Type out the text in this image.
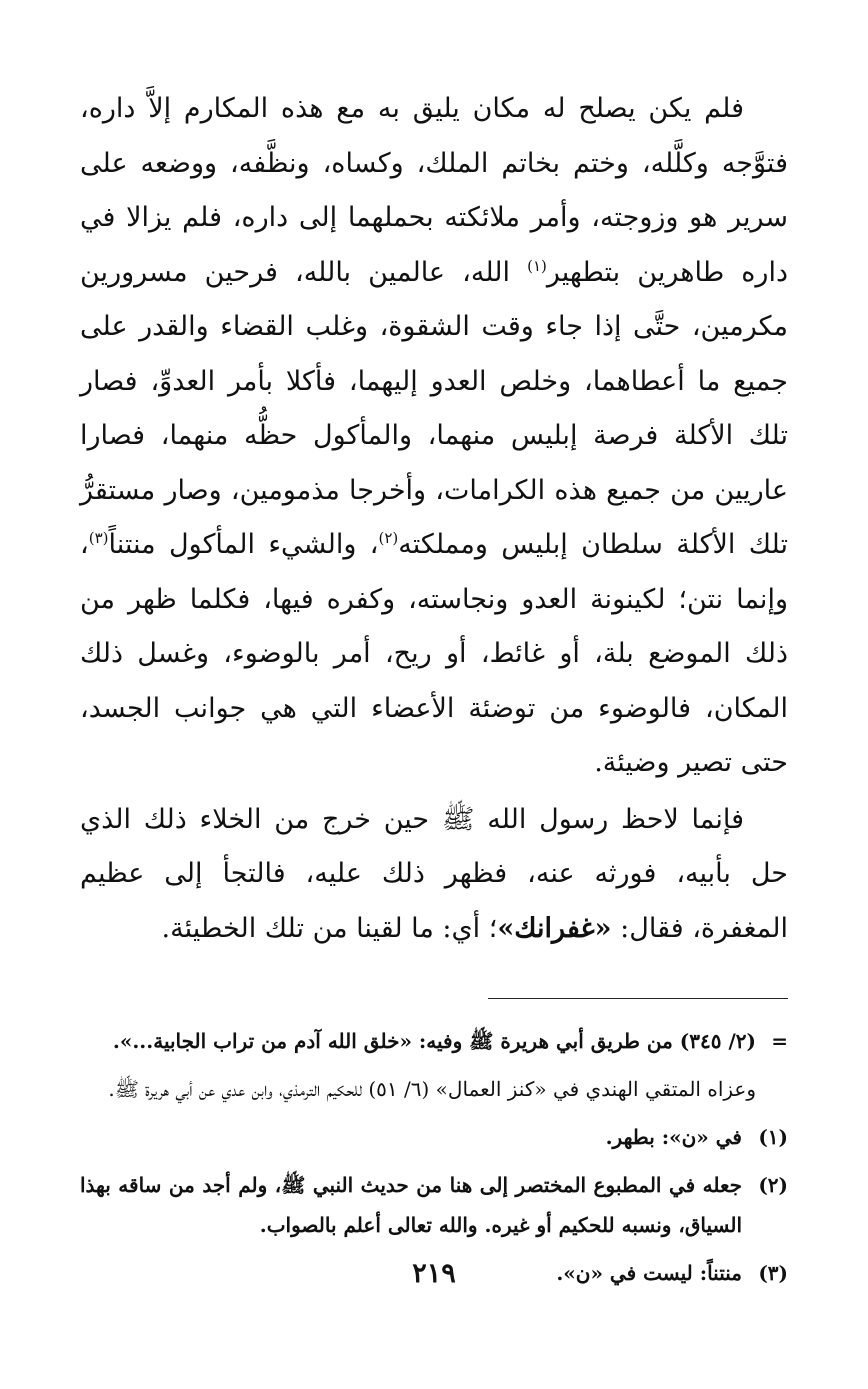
فلم يكن يصلح له مكان يليق به مع هذه المكارم إلاَّ داره، فتوَّجه وكلَّله، وختم بخاتم الملك، وكساه، ونظَّفه، ووضعه على سرير هو وزوجته، وأمر ملائكته بحملهما إلى داره، فلم يزالا في داره طاهرين بتطهير$^{(١)}$ الله، عالمين بالله، فرحين مسرورين مكرمين، حتَّى إذا جاء وقت الشقوة، وغلب القضاء والقدر على جميع ما أعطاهما، وخلص العدو إليهما، فأكلا بأمر العدوِّ، فصار تلك الأكلة فرصة إبليس منهما، والمأكول حظُّه منهما، فصارا عاريين من جميع هذه الكرامات، وأخرجا مذمومين، وصار مستقرُّ تلك الأكلة سلطان إبليس ومملكته$^{(٢)}$، والشيء المأكول منتناً$^{(٣)}$، وإنما نتن؛ لكينونة العدو ونجاسته، وكفره فيها، فكلما ظهر من ذلك الموضع بلة، أو غائط، أو ريح، أمر بالوضوء، وغسل ذلك المكان، فالوضوء من توضئة الأعضاء التي هي جوانب الجسد، حتى تصير وضيئة.

فإنما لاحظ رسول الله ﷺ حين خرج من الخلاء ذلك الذي حل بأبيه، فورثه عنه، فظهر ذلك عليه، فالتجأ إلى عظيم المغفرة، فقال: «غفرانك»؛ أي: ما لقينا من تلك الخطيئة.

=
(٢/ ٣٤٥) من طريق أبي هريرة ﷺ وفيه: «خلق الله آدم من تراب الجابية...».
وعزاه المتقي الهندي في «كنز العمال» (٦/ ٥١) للحكيم الترمذي، وابن عدي عن أبي هريرة ﷺ.
(١)
في «ن»: بطهر.
(٢)
جعله في المطبوع المختصر إلى هنا من حديث النبي ﷺ، ولم أجد من ساقه بهذا السياق، ونسبه للحكيم أو غيره. والله تعالى أعلم بالصواب.
(٣)
منتناً: ليست في «ن».
٢١٩
